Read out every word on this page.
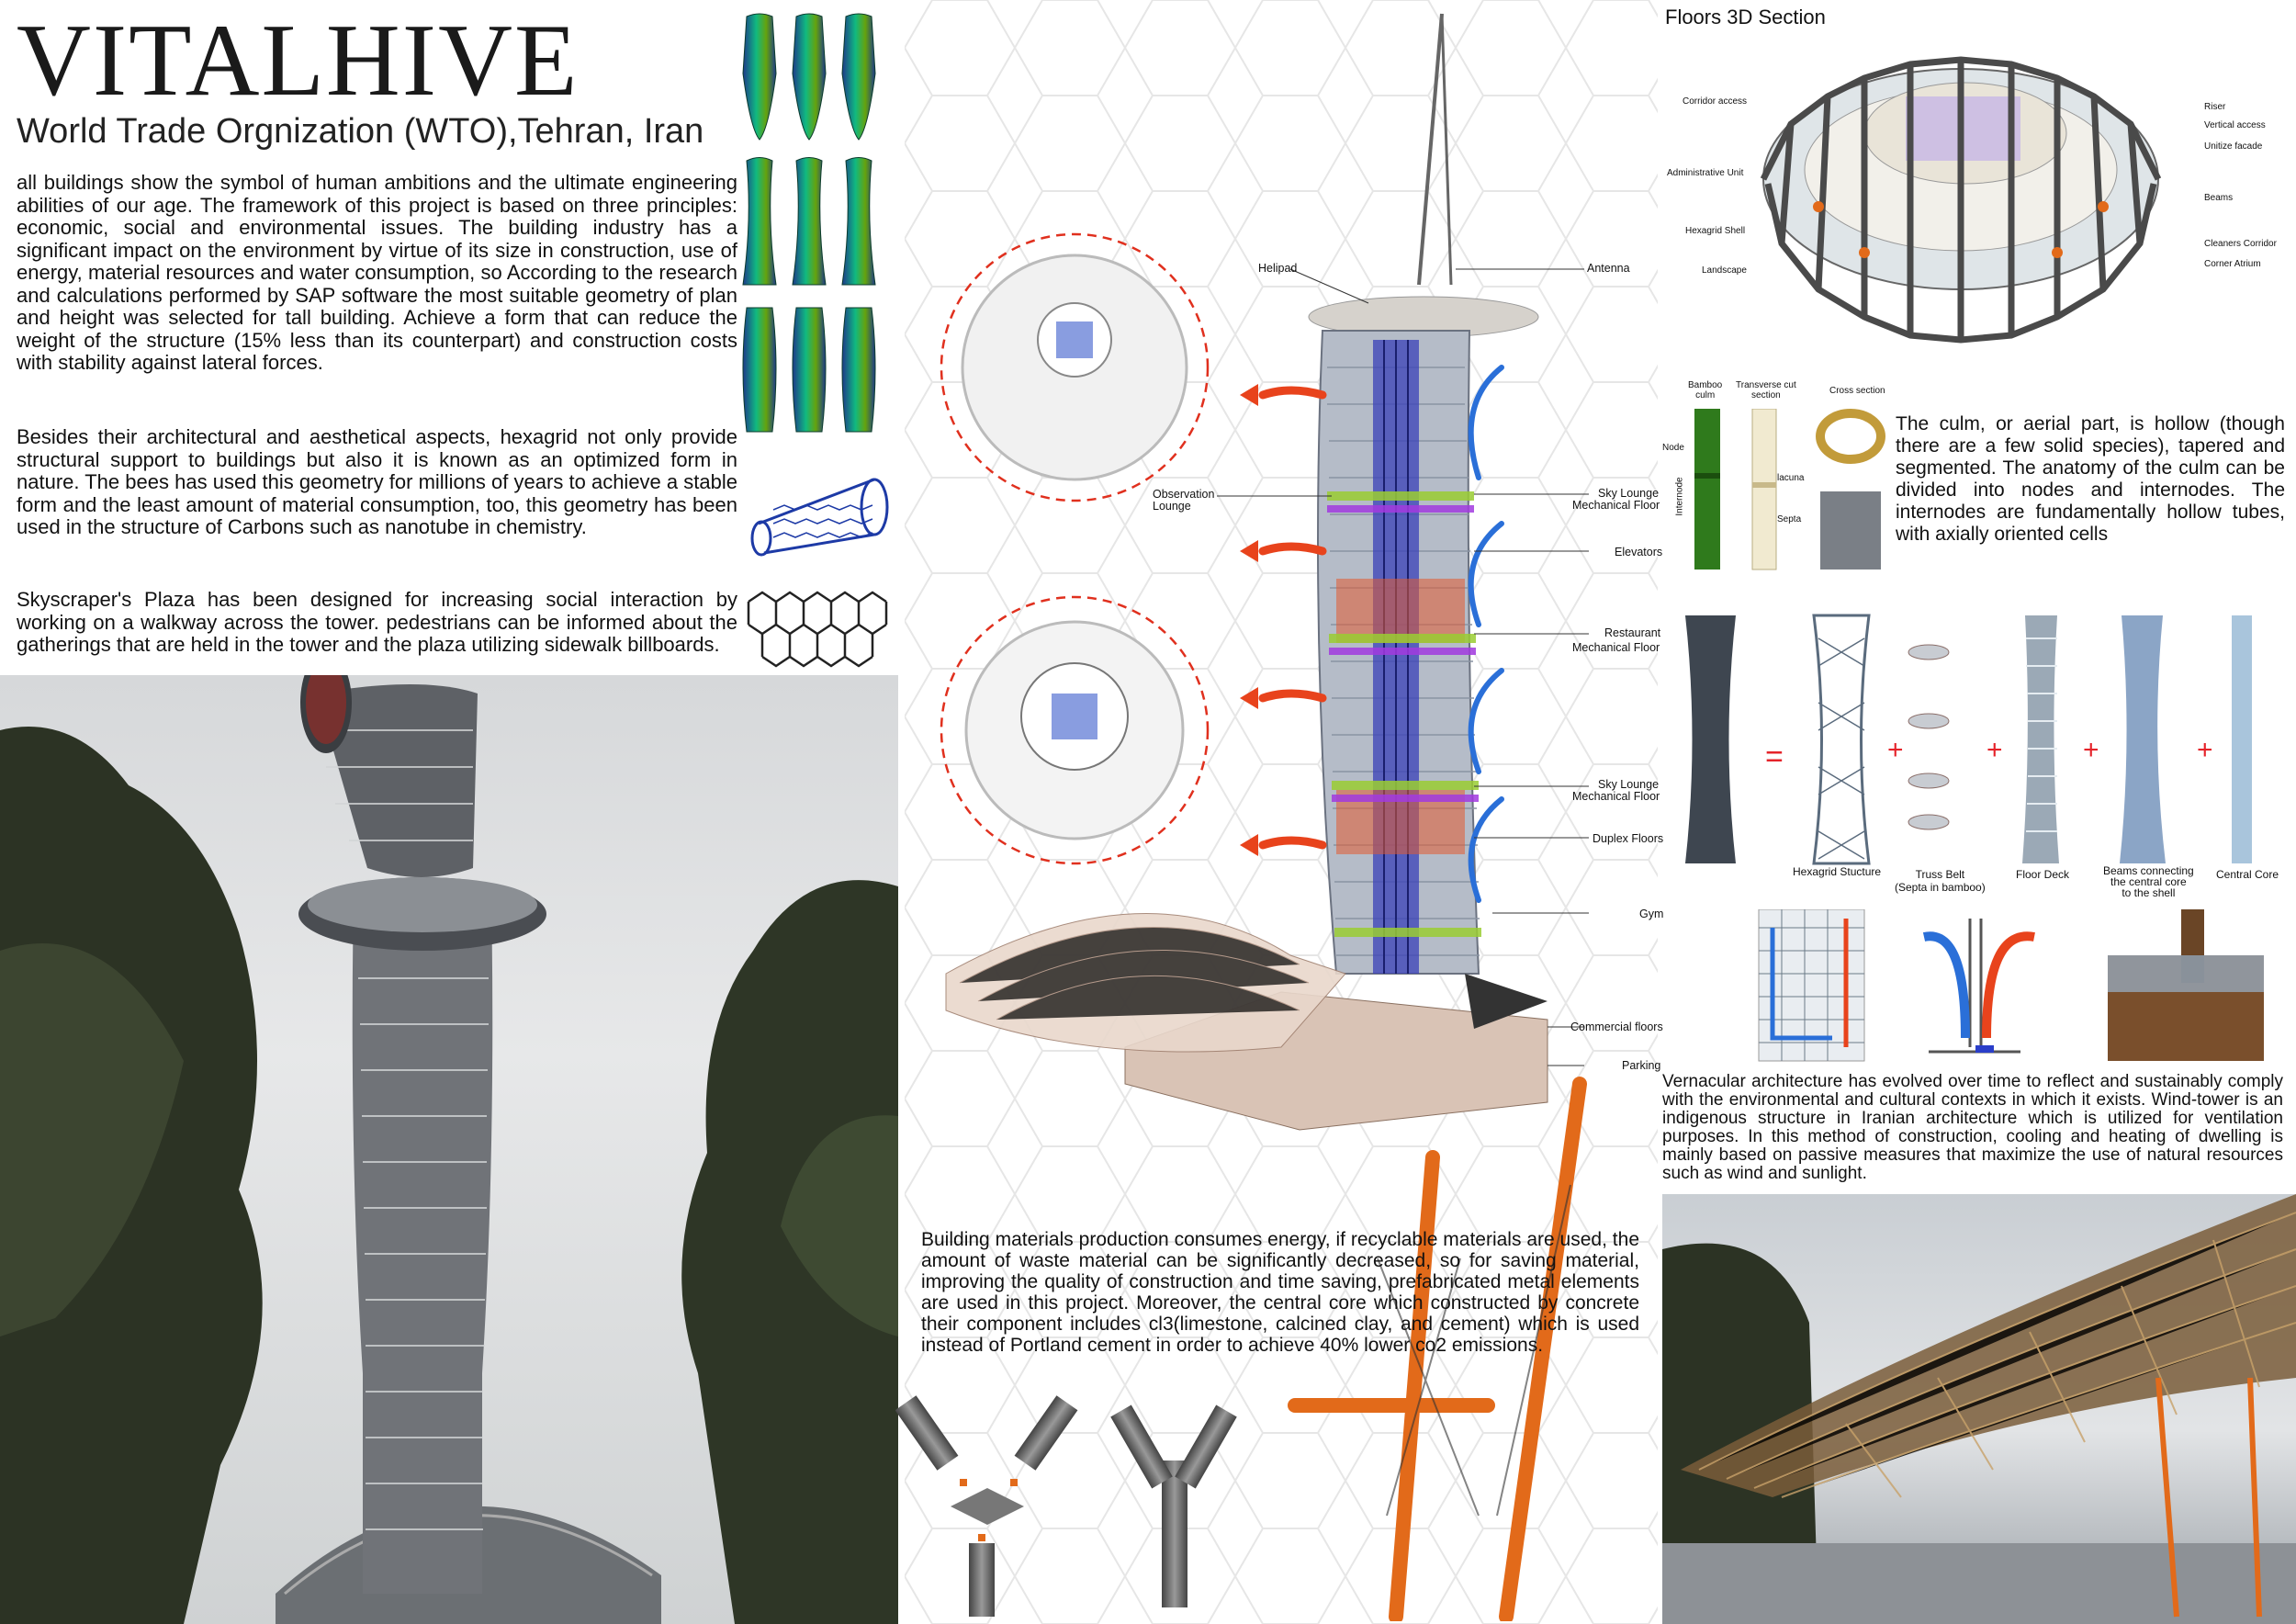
VITALHIVE
World Trade Orgnization (WTO),Tehran, Iran
all buildings show the symbol of human ambitions and the ultimate engineering abilities of our age. The framework of this project is based on three principles: economic, social and environmental issues. The building industry has a significant impact on the environment by virtue of its size in construction, use of energy, material resources and water consumption, so According to the research and calculations performed by SAP software the most suitable geometry of plan and height was selected for tall building. Achieve a form that can reduce the weight of the structure (15% less than its counterpart) and construction costs with stability against lateral forces.
Besides their architectural and aesthetical aspects, hexagrid not only provide structural support to buildings but also it is known as an optimized form in nature. The bees has used this geometry for millions of years to achieve a stable form and the least amount of material consumption, too, this geometry has been used in the structure of Carbons such as nanotube in chemistry.
Skyscraper's Plaza has been designed for increasing social interaction by working on a walkway across the tower. pedestrians can be informed about the gatherings that are held in the tower and the plaza utilizing sidewalk billboards.
Helipad	Antenna
Observation
Lounge
Sky Lounge
Mechanical Floor
Elevators
Restaurant
Mechanical Floor
Sky Lounge
Mechanical Floor
Duplex Floors
Gym
Commercial floors
Parking
Building materials production consumes energy, if recyclable materials are used, the amount of waste material can be significantly decreased, so for saving material, improving the quality of construction and time saving, prefabricated metal elements are used in this project. Moreover, the central core which constructed by concrete their component includes cl3(limestone, calcined clay, and cement) which is used instead of Portland cement in order to achieve 40% lower co2 emissions.
Floors 3D Section
Corridor access
Administrative Unit
Hexagrid Shell
Landscape
Riser
Vertical access
Unitize facade
Beams
Cleaners Corridor
Corner Atrium
Bamboo
culm
Transverse cut
section	Cross section
Node
Internode	lacuna
Septa
The culm, or aerial part, is hollow (though there are a few solid species), tapered and segmented. The anatomy of the culm can be divided into nodes and internodes. The internodes are fundamentally hollow tubes, with axially oriented cells
=	+	+	+	+
Hexagrid Stucture	Truss Belt
(Septa in bamboo)
Floor Deck	Beams connecting
the central core
to the shell
Central Core
Vernacular architecture has evolved over time to reflect and sustainably comply with the environmental and cultural contexts in which it exists. Wind-tower is an indigenous structure in Iranian architecture which is utilized for ventilation purposes. In this method of construction, cooling and heating of dwelling is mainly based on passive measures that maximize the use of natural resources such as wind and sunlight.
